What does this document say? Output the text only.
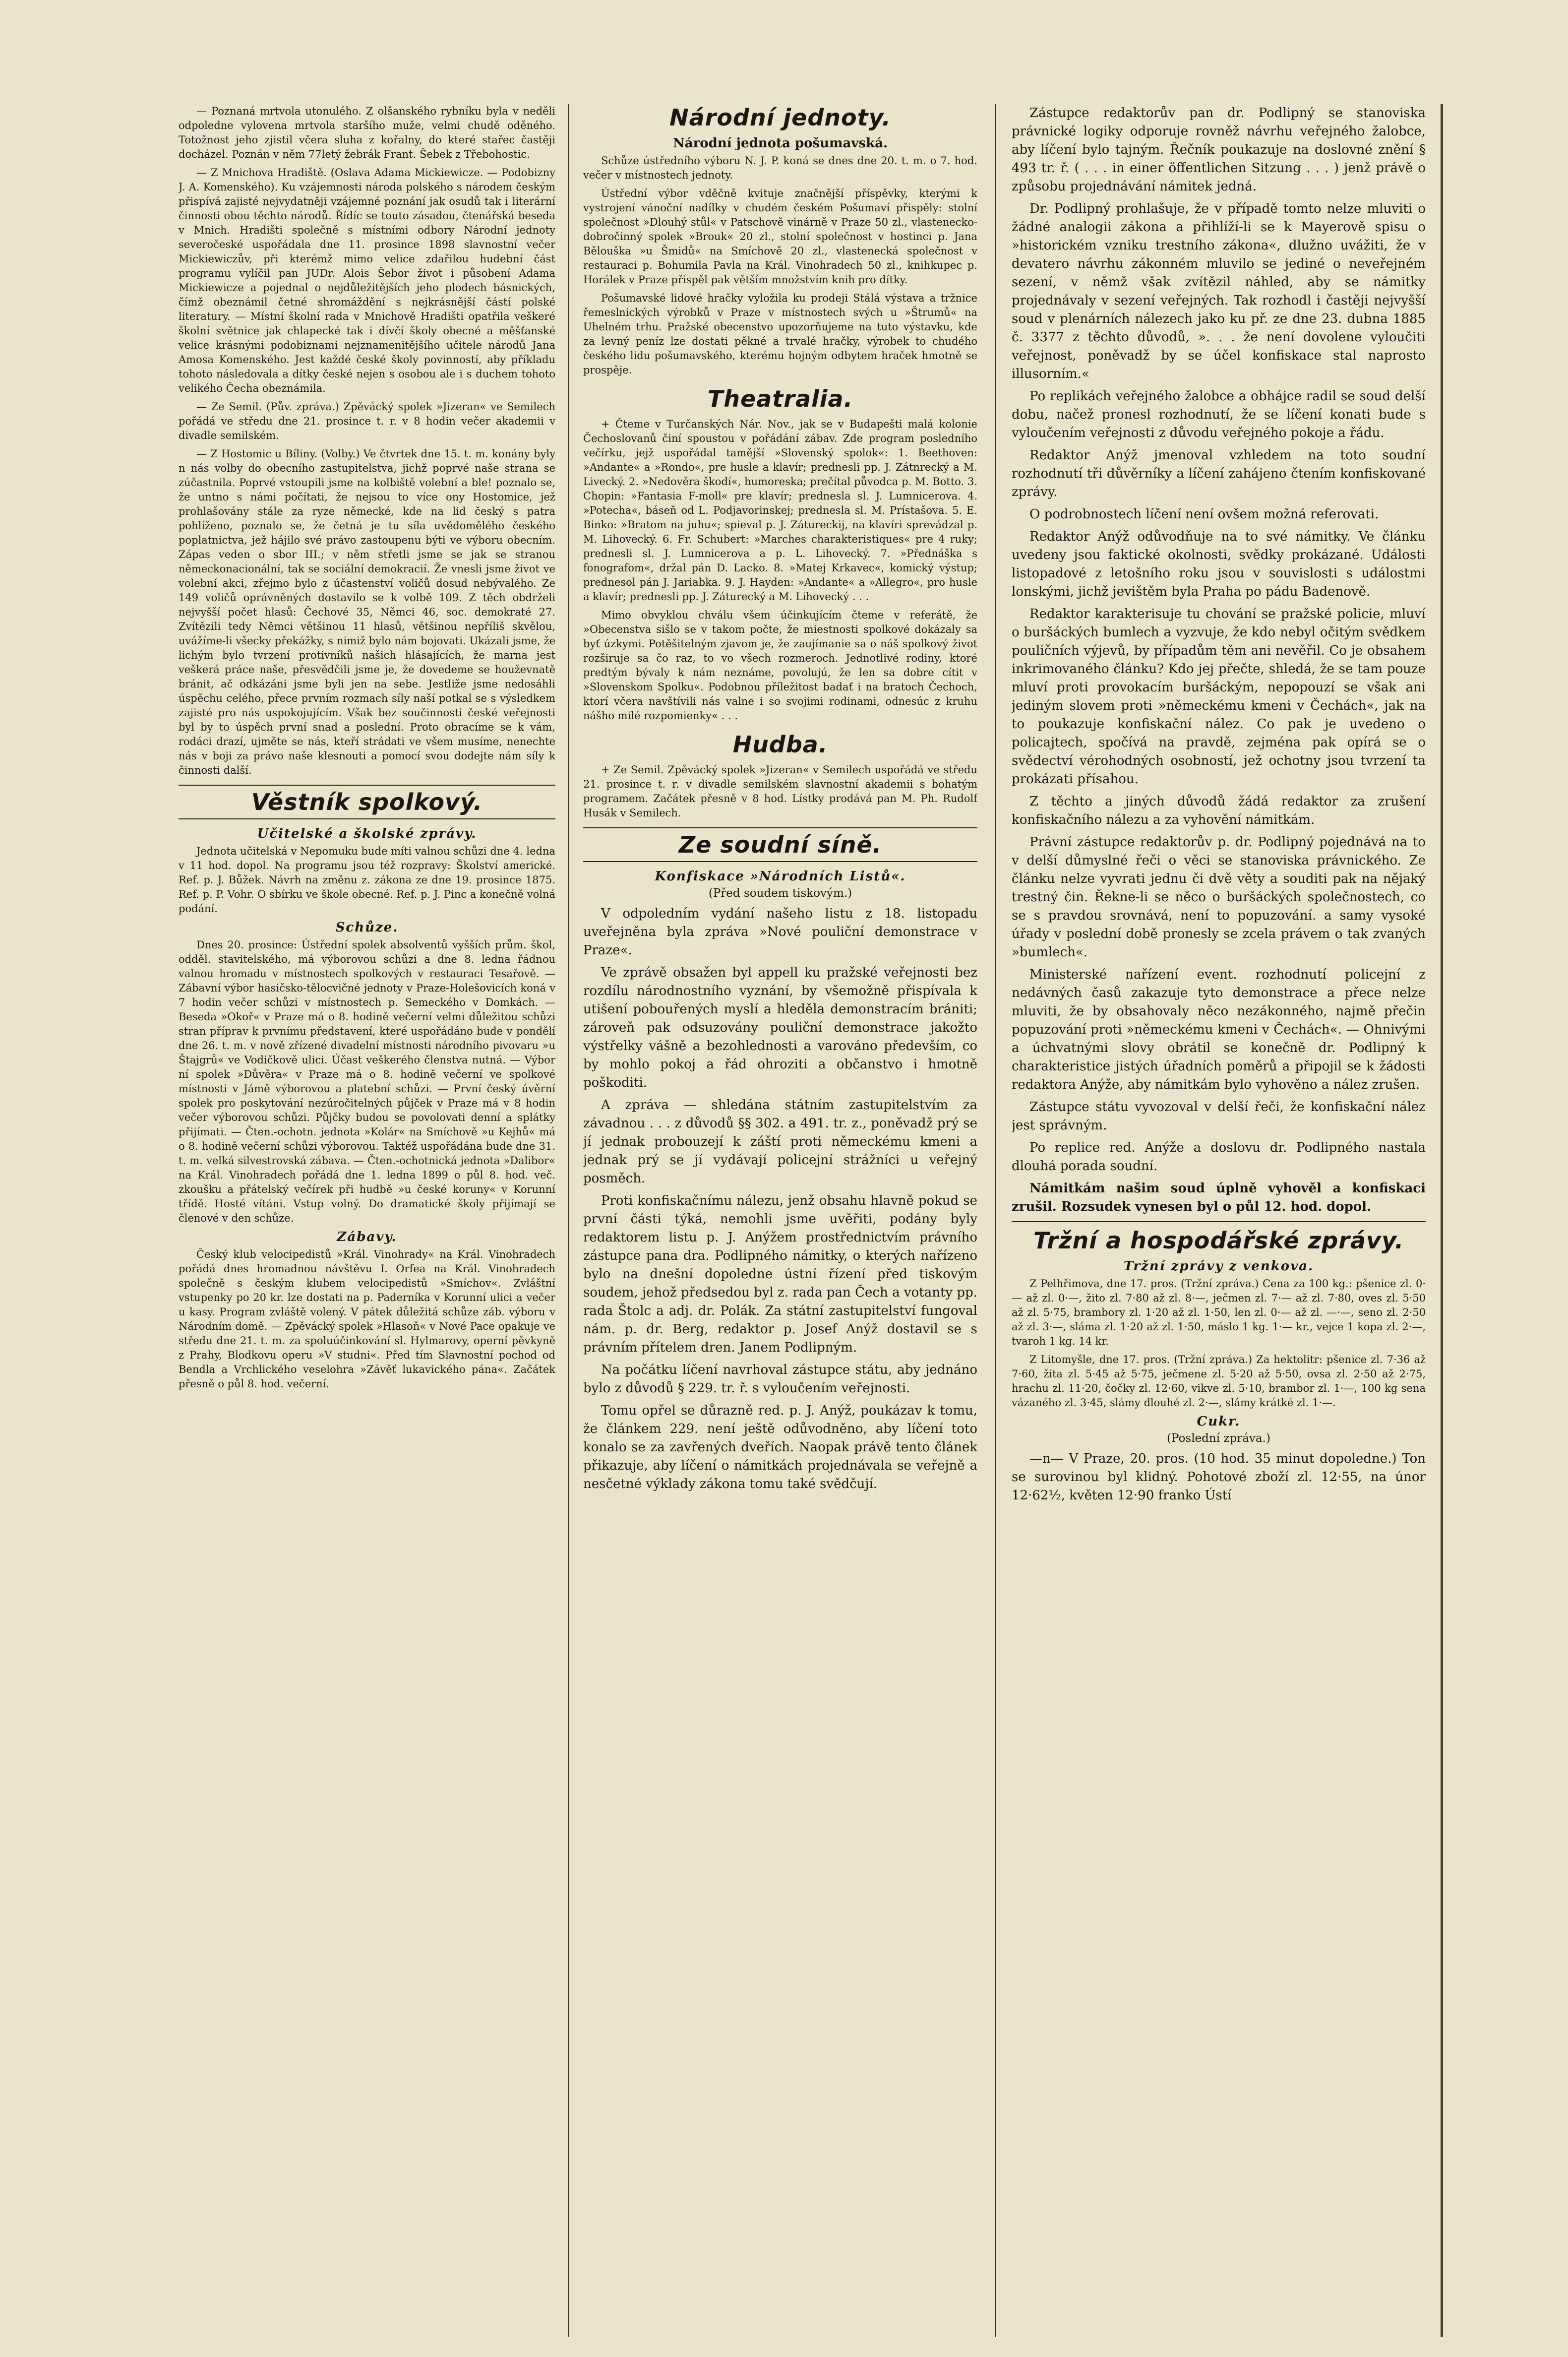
— Poznaná mrtvola utonulého. Z olšanského rybníku byla v neděli odpoledne vylovena mrtvola staršího muže, velmi chudě oděného. Totožnost jeho zjistil včera sluha z kořalny, do které stařec častěji docházel. Poznán v něm 77letý žebrák Frant. Šebek z Třebohostic.

— Z Mnichova Hradiště. (Oslava Adama Mickiewicze. — Podobizny J. A. Komenského). Ku vzájemnosti národa polského s národem českým přispívá zajisté nejvydatněji vzájemné poznání jak osudů tak i literární činnosti obou těchto národů. Řídíc se touto zásadou, čtenářská beseda v Mnich. Hradišti společně s místními odbory Národní jednoty severočeské uspořádala dne 11. prosince 1898 slavnostní večer Mickiewiczův, při kterémž mimo velice zdařilou hudební část programu vylíčil pan JUDr. Alois Šebor život i působení Adama Mickiewicze a pojednal o nejdůležitějších jeho plodech básnických, čímž obeznámil četné shromáždění s nejkrásnější částí polské literatury. — Místní školní rada v Mnichově Hradišti opatřila veškeré školní světnice jak chlapecké tak i dívčí školy obecné a měšťanské velice krásnými podobiznami nejznamenitějšího učitele národů Jana Amosa Komenského. Jest každé české školy povinností, aby příkladu tohoto následovala a dítky české nejen s osobou ale i s duchem tohoto velikého Čecha obeznámila.

— Ze Semil. (Pův. zpráva.) Zpěvácký spolek »Jizeran« ve Semilech pořádá ve středu dne 21. prosince t. r. v 8 hodin večer akademii v divadle semilském.

— Z Hostomic u Bíliny. (Volby.) Ve čtvrtek dne 15. t. m. konány byly n nás volby do obecního zastupitelstva, jichž poprvé naše strana se zúčastnila. Poprvé vstoupili jsme na kolbiště volební a ble! poznalo se, že untno s námi počítati, že nejsou to více ony Hostomice, jež prohlašovány stále za ryze německé, kde na lid český s patra pohlíženo, poznalo se, že četná je tu síla uvědomělého českého poplatnictva, jež hájilo své právo zastoupenu býti ve výboru obecním. Zápas veden o sbor III.; v něm střetli jsme se jak se stranou německonacionální, tak se sociální demokracií. Že vnesli jsme život ve volební akci, zřejmo bylo z účastenství voličů dosud nebývalého. Ze 149 voličů oprávněných dostavilo se k volbě 109. Z těch obdrželi nejvyšší počet hlasů: Čechové 35, Němci 46, soc. demokraté 27. Zvítězili tedy Němci většinou 11 hlasů, většinou nepříliš skvělou, uvážíme-li všecky překážky, s nimiž bylo nám bojovati. Ukázali jsme, že lichým bylo tvrzení protivníků našich hlásajících, že marna jest veškerá práce naše, přesvědčili jsme je, že dovedeme se houževnatě bránit, ač odkázáni jsme byli jen na sebe. Jestliže jsme nedosáhli úspěchu celého, přece prvním rozmach síly naší potkal se s výsledkem zajisté pro nás uspokojujícím. Však bez součinnosti české veřejnosti byl by to úspěch první snad a poslední. Proto obracíme se k vám, rodáci drazí, ujměte se nás, kteří strádati ve všem musíme, nenechte nás v boji za právo naše klesnouti a pomocí svou dodejte nám síly k činnosti další.

Věstník spolkový.
Učitelské a školské zprávy.

Jednota učitelská v Nepomuku bude míti valnou schůzi dne 4. ledna v 11 hod. dopol. Na programu jsou též rozpravy: Školství americké. Ref. p. J. Bůžek. Návrh na změnu z. zákona ze dne 19. prosince 1875. Ref. p. P. Vohr. O sbírku ve škole obecné. Ref. p. J. Pinc a konečně volná podání.

Schůze.

Dnes 20. prosince: Ústřední spolek absolventů vyšších prům. škol, odděl. stavitelského, má výborovou schůzi a dne 8. ledna řádnou valnou hromadu v místnostech spolkových v restauraci Tesařově. — Zábavní výbor hasičsko-tělocvičné jednoty v Praze-Holešovicích koná v 7 hodin večer schůzi v místnostech p. Semeckého v Domkách. — Beseda »Okoř« v Praze má o 8. hodině večerní velmi důležitou schůzi stran příprav k prvnímu představení, které uspořádáno bude v pondělí dne 26. t. m. v nově zřízené divadelní místnosti národního pivovaru »u Štajgrů« ve Vodičkově ulici. Účast veškerého členstva nutná. — Výbor ní spolek »Důvěra« v Praze má o 8. hodině večerní ve spolkové místnosti v Jámě výborovou a platební schůzi. — První český úvěrní spolek pro poskytování nezúročitelných půjček v Praze má v 8 hodin večer výborovou schůzi. Půjčky budou se povolovati denní a splátky přijímati. — Čten.-ochotn. jednota »Kolár« na Smíchově »u Kejhů« má o 8. hodině večerní schůzi výborovou. Taktéž uspořádána bude dne 31. t. m. velká silvestrovská zábava. — Čten.-ochotnická jednota »Dalibor« na Král. Vinohradech pořádá dne 1. ledna 1899 o půl 8. hod. več. zkoušku a přátelský večírek při hudbě »u české koruny« v Korunní třídě. Hosté vítáni. Vstup volný. Do dramatické školy přijímají se členové v den schůze.

Zábavy.

Český klub velocipedistů »Král. Vinohrady« na Král. Vinohradech pořádá dnes hromadnou návštěvu I. Orfea na Král. Vinohradech společně s českým klubem velocipedistů »Smíchov«. Zvláštní vstupenky po 20 kr. lze dostati na p. Paderníka v Korunní ulici a večer u kasy. Program zvláště volený. V pátek důležitá schůze záb. výboru v Národním domě. — Zpěvácký spolek »Hlasoň« v Nové Pace opakuje ve středu dne 21. t. m. za spoluúčinkování sl. Hylmarovy, operní pěvkyně z Prahy, Blodkovu operu »V studni«. Před tím Slavnostní pochod od Bendla a Vrchlického veselohra »Závěť lukavického pána«. Začátek přesně o půl 8. hod. večerní.

Národní jednoty.
Národní jednota pošumavská.

Schůze ústředního výboru N. J. P. koná se dnes dne 20. t. m. o 7. hod. večer v místnostech jednoty.

Ústřední výbor vděčně kvituje značnější příspěvky, kterými k vystrojení vánoční nadílky v chudém českém Pošumaví přispěly: stolní společnost »Dlouhý stůl« v Patschově vinárně v Praze 50 zl., vlastenecko-dobročinný spolek »Brouk« 20 zl., stolní společnost v hostinci p. Jana Bělouška »u Šmidů« na Smíchově 20 zl., vlastenecká společnost v restauraci p. Bohumila Pavla na Král. Vinohradech 50 zl., knihkupec p. Horálek v Praze přispěl pak větším množstvím knih pro dítky.

Pošumavské lidové hračky vyložila ku prodeji Stálá výstava a tržnice řemeslnických výrobků v Praze v místnostech svých u »Štrumů« na Uhelném trhu. Pražské obecenstvo upozorňujeme na tuto výstavku, kde za levný peníz lze dostati pěkné a trvalé hračky, výrobek to chudého českého lidu pošumavského, kterému hojným odbytem hraček hmotně se prospěje.

Theatralia.

+ Čteme v Turčanských Nár. Nov., jak se v Budapešti malá kolonie Čechoslovanů činí spoustou v pořádání zábav. Zde program posledního večírku, jejž uspořádal tamější »Slovenský spolok«: 1. Beethoven: »Andante« a »Rondo«, pre husle a klavír; prednesli pp. J. Zátnrecký a M. Livecký. 2. »Nedověra škodí«, humoreska; prečítal původca p. M. Botto. 3. Chopin: »Fantasia F-moll« pre klavír; prednesla sl. J. Lumnicerova. 4. »Potecha«, báseň od L. Podjavorinskej; prednesla sl. M. Prístašova. 5. E. Binko: »Bratom na juhu«; spieval p. J. Zátureckij, na klavíri sprevádzal p. M. Lihovecký. 6. Fr. Schubert: »Marches charakteristiques« pre 4 ruky; prednesli sl. J. Lumnicerova a p. L. Lihovecký. 7. »Přednáška s fonografom«, držal pán D. Lacko. 8. »Matej Krkavec«, komický výstup; prednesol pán J. Jariabka. 9. J. Hayden: »Andante« a »Allegro«, pro husle a klavír; prednesli pp. J. Záturecký a M. Lihovecký . . .

Mimo obvyklou chválu všem účinkujícím čteme v referátě, že »Obecenstva sišlo se v takom počte, že miestnosti spolkové dokázaly sa byť úzkymi. Potěšitelným zjavom je, že zaujímanie sa o náš spolkový život rozširuje sa čo raz, to vo všech rozmeroch. Jednotlivé rodiny, ktoré predtým bývaly k nám neznáme, povolujú, že len sa dobre cítit v »Slovenskom Spolku«. Podobnou příležitost badať i na bratoch Čechoch, ktorí včera navštívili nás valne i so svojimi rodinami, odnesúc z kruhu nášho milé rozpomienky« . . .

Hudba.

+ Ze Semil. Zpěvácký spolek »Jizeran« v Semilech uspořádá ve středu 21. prosince t. r. v divadle semilském slavnostní akademii s bohatým programem. Začátek přesně v 8 hod. Lístky prodává pan M. Ph. Rudolf Husák v Semilech.

Ze soudní síně.
Konfiskace »Národních Listů«.
(Před soudem tiskovým.)

V odpoledním vydání našeho listu z 18. listopadu uveřejněna byla zpráva »Nové pouliční demonstrace v Praze«.

Ve zprávě obsažen byl appell ku pražské veřejnosti bez rozdílu národnostního vyznání, by všemožně přispívala k utišení pobouřených myslí a hleděla demonstracím brániti; zároveň pak odsuzovány pouliční demonstrace jakožto výstřelky vášně a bezohlednosti a varováno především, co by mohlo pokoj a řád ohroziti a občanstvo i hmotně poškoditi.

A zpráva — shledána státním zastupitelstvím za závadnou . . . z důvodů §§ 302. a 491. tr. z., poněvadž prý se jí jednak probouzejí k záští proti německému kmeni a jednak prý se jí vydávají policejní strážníci u veřejný posměch.

Proti konfiskačnímu nálezu, jenž obsahu hlavně pokud se první části týká, nemohli jsme uvěřiti, podány byly redaktorem listu p. J. Anýžem prostřednictvím právního zástupce pana dra. Podlipného námitky, o kterých nařízeno bylo na dnešní dopoledne ústní řízení před tiskovým soudem, jehož předsedou byl z. rada pan Čech a votanty pp. rada Štolc a adj. dr. Polák. Za státní zastupitelství fungoval nám. p. dr. Berg, redaktor p. Josef Anýž dostavil se s právním přítelem dren. Janem Podlipným.

Na počátku líčení navrhoval zástupce státu, aby jednáno bylo z důvodů § 229. tr. ř. s vyloučením veřejnosti.

Tomu opřel se důrazně red. p. J. Anýž, poukázav k tomu, že článkem 229. není ještě odůvodněno, aby líčení toto konalo se za zavřených dveřích. Naopak právě tento článek přikazuje, aby líčení o námitkách projednávala se veřejně a nesčetné výklady zákona tomu také svědčují.

Zástupce redaktorův pan dr. Podlipný se stanoviska právnické logiky odporuje rovněž návrhu veřejného žalobce, aby líčení bylo tajným. Řečník poukazuje na doslovné znění § 493 tr. ř. ( . . . in einer öffentlichen Sitzung . . . ) jenž právě o způsobu projednávání námitek jedná.

Dr. Podlipný prohlašuje, že v případě tomto nelze mluviti o žádné analogii zákona a přihlíží-li se k Mayerově spisu o »historickém vzniku trestního zákona«, dlužno uvážiti, že v devatero návrhu zákonném mluvilo se jediné o neveřejném sezení, v němž však zvítězil náhled, aby se námitky projednávaly v sezení veřejných. Tak rozhodl i častěji nejvyšší soud v plenárních nálezech jako ku př. ze dne 23. dubna 1885 č. 3377 z těchto důvodů, ». . . že není dovolene vyloučiti veřejnost, poněvadž by se účel konfiskace stal naprosto illusorním.«

Po replikách veřejného žalobce a obhájce radil se soud delší dobu, načež pronesl rozhodnutí, že se líčení konati bude s vyloučením veřejnosti z důvodu veřejného pokoje a řádu.

Redaktor Anýž jmenoval vzhledem na toto soudní rozhodnutí tři důvěrníky a líčení zahájeno čtením konfiskované zprávy.

O podrobnostech líčení není ovšem možná referovati.

Redaktor Anýž odůvodňuje na to své námitky. Ve článku uvedeny jsou faktické okolnosti, svědky prokázané. Události listopadové z letošního roku jsou v souvislosti s událostmi lonskými, jichž jevištěm byla Praha po pádu Badenově.

Redaktor karakterisuje tu chování se pražské policie, mluví o buršáckých bumlech a vyzvuje, že kdo nebyl očitým svědkem pouličních výjevů, by případům těm ani nevěřil. Co je obsahem inkrimovaného článku? Kdo jej přečte, shledá, že se tam pouze mluví proti provokacím buršáckým, nepopouzí se však ani jediným slovem proti »německému kmeni v Čechách«, jak na to poukazuje konfiskační nález. Co pak je uvedeno o policajtech, spočívá na pravdě, zejména pak opírá se o svědectví vérohodných osobností, jež ochotny jsou tvrzení ta prokázati přísahou.

Z těchto a jiných důvodů žádá redaktor za zrušení konfiskačního nálezu a za vyhovění námitkám.

Právní zástupce redaktorův p. dr. Podlipný pojednává na to v delší důmyslné řeči o věci se stanoviska právnického. Ze článku nelze vyvrati jednu či dvě věty a souditi pak na nějaký trestný čin. Řekne-li se něco o buršáckých společnostech, co se s pravdou srovnává, není to popuzování. a samy vysoké úřady v poslední době pronesly se zcela právem o tak zvaných »bumlech«.

Ministerské nařízení event. rozhodnutí policejní z nedávných časů zakazuje tyto demonstrace a přece nelze mluviti, že by obsahovaly něco nezákonného, najmě přečin popuzování proti »německému kmeni v Čechách«. — Ohnivými a úchvatnými slovy obrátil se konečně dr. Podlipný k charakteristice jistých úřadních poměrů a připojil se k žádosti redaktora Anýže, aby námitkám bylo vyhověno a nález zrušen.

Zástupce státu vyvozoval v delší řeči, že konfiskační nález jest správným.

Po replice red. Anýže a doslovu dr. Podlipného nastala dlouhá porada soudní.

Námitkám našim soud úplně vyhověl a konfiskaci zrušil. Rozsudek vynesen byl o půl 12. hod. dopol.

Tržní a hospodářské zprávy.
Tržní zprávy z venkova.

Z Pelhřimova, dne 17. pros. (Tržní zpráva.) Cena za 100 kg.: pšenice zl. 0·— až zl. 0·—, žito zl. 7·80 až zl. 8·—, ječmen zl. 7·— až zl. 7·80, oves zl. 5·50 až zl. 5·75, brambory zl. 1·20 až zl. 1·50, len zl. 0·— až zl. —·—, seno zl. 2·50 až zl. 3·—, sláma zl. 1·20 až zl. 1·50, máslo 1 kg. 1·— kr., vejce 1 kopa zl. 2·—, tvaroh 1 kg. 14 kr.

Z Litomyšle, dne 17. pros. (Tržní zpráva.) Za hektolitr: pšenice zl. 7·36 až 7·60, žita zl. 5·45 až 5·75, ječmene zl. 5·20 až 5·50, ovsa zl. 2·50 až 2·75, hrachu zl. 11·20, čočky zl. 12·60, vikve zl. 5·10, brambor zl. 1·—, 100 kg sena vázaného zl. 3·45, slámy dlouhé zl. 2·—, slámy krátké zl. 1·—.

Cukr.
(Poslední zpráva.)

—n— V Praze, 20. pros. (10 hod. 35 minut dopoledne.) Ton se surovinou byl klidný. Pohotové zboží zl. 12·55, na únor 12·62½, květen 12·90 franko Ústí
